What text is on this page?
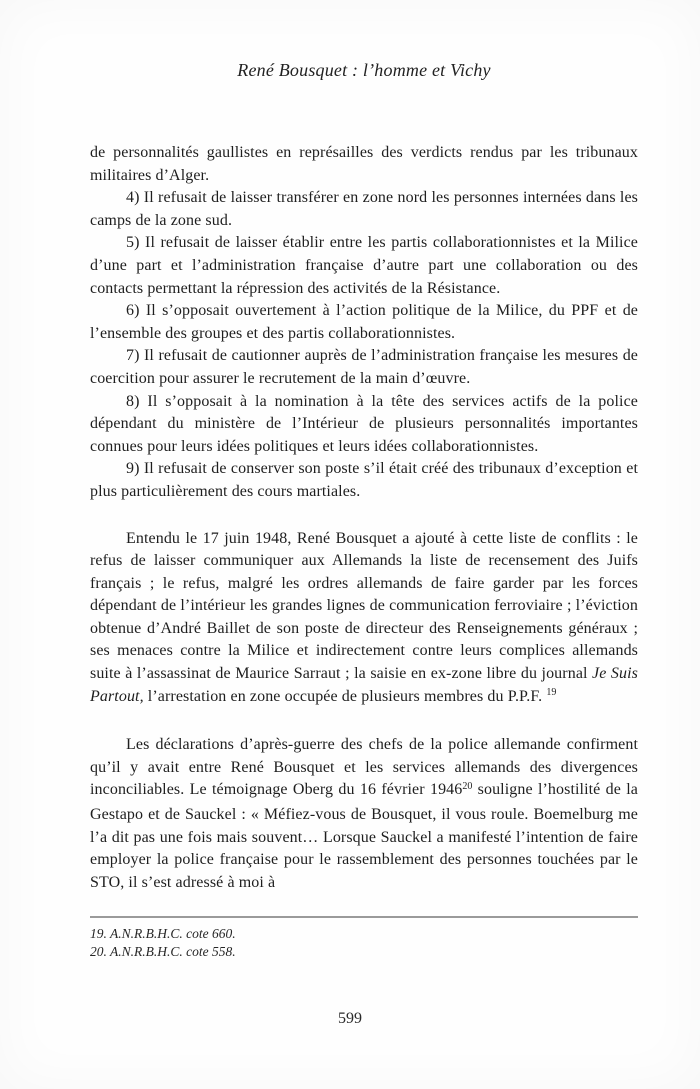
René Bousquet : l’homme et Vichy

de personnalités gaullistes en représailles des verdicts rendus par les tribunaux militaires d’Alger.

4) Il refusait de laisser transférer en zone nord les personnes internées dans les camps de la zone sud.

5) Il refusait de laisser établir entre les partis collaborationnistes et la Milice d’une part et l’administration française d’autre part une collaboration ou des contacts permettant la répression des activités de la Résistance.

6) Il s’opposait ouvertement à l’action politique de la Milice, du PPF et de l’ensemble des groupes et des partis collaborationnistes.

7) Il refusait de cautionner auprès de l’administration française les mesures de coercition pour assurer le recrutement de la main d’œuvre.

8) Il s’opposait à la nomination à la tête des services actifs de la police dépendant du ministère de l’Intérieur de plusieurs personnalités importantes connues pour leurs idées politiques et leurs idées collaborationnistes.

9) Il refusait de conserver son poste s’il était créé des tribunaux d’exception et plus particulièrement des cours martiales.

Entendu le 17 juin 1948, René Bousquet a ajouté à cette liste de conflits : le refus de laisser communiquer aux Allemands la liste de recensement des Juifs français ; le refus, malgré les ordres allemands de faire garder par les forces dépendant de l’intérieur les grandes lignes de communication ferroviaire ; l’éviction obtenue d’André Baillet de son poste de directeur des Renseignements généraux ; ses menaces contre la Milice et indirectement contre leurs complices allemands suite à l’assassinat de Maurice Sarraut ; la saisie en ex-zone libre du journal Je Suis Partout, l’arrestation en zone occupée de plusieurs membres du P.P.F. $^{19}$

Les déclarations d’après-guerre des chefs de la police allemande confirment qu’il y avait entre René Bousquet et les services allemands des divergences inconciliables. Le témoignage Oberg du 16 février 1946$^{20}$ souligne l’hostilité de la Gestapo et de Sauckel : « Méfiez-vous de Bousquet, il vous roule. Boemelburg me l’a dit pas une fois mais souvent… Lorsque Sauckel a manifesté l’intention de faire employer la police française pour le rassemblement des personnes touchées par le STO, il s’est adressé à moi à

19. A.N.R.B.H.C. cote 660.

20. A.N.R.B.H.C. cote 558.

599
